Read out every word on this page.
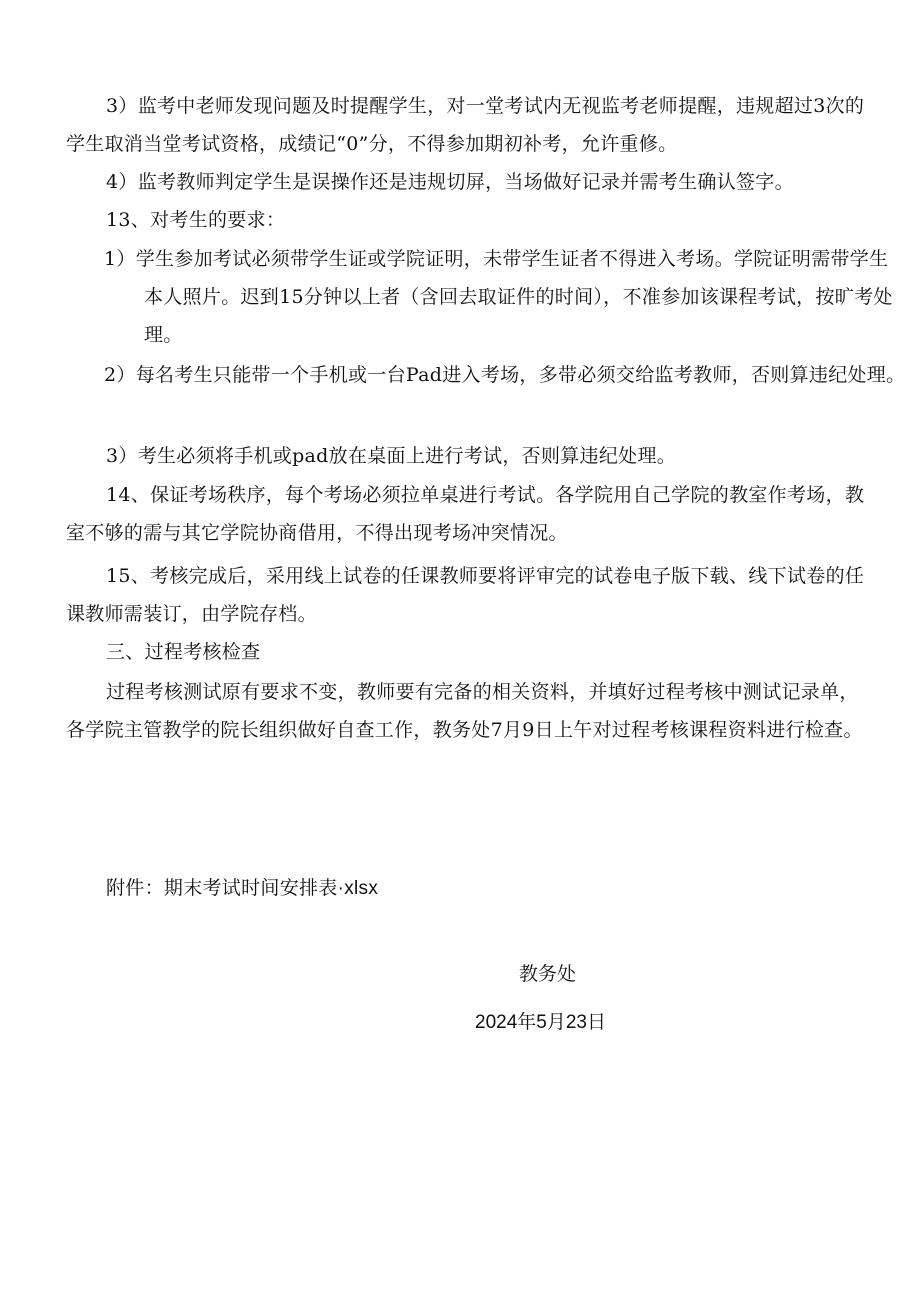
3）监考中老师发现问题及时提醒学生，对一堂考试内无视监考老师提醒，违规超过3次的学生取消当堂考试资格，成绩记“0”分，不得参加期初补考，允许重修。

4）监考教师判定学生是误操作还是违规切屏，当场做好记录并需考生确认签字。

13、对考生的要求：

1）学生参加考试必须带学生证或学院证明，未带学生证者不得进入考场。学院证明需带学生本人照片。迟到15分钟以上者（含回去取证件的时间），不准参加该课程考试，按旷考处理。

2）每名考生只能带一个手机或一台Pad进入考场，多带必须交给监考教师，否则算违纪处理。

3）考生必须将手机或pad放在桌面上进行考试，否则算违纪处理。

14、保证考场秩序，每个考场必须拉单桌进行考试。各学院用自己学院的教室作考场，教室不够的需与其它学院协商借用，不得出现考场冲突情况。

15、考核完成后，采用线上试卷的任课教师要将评审完的试卷电子版下载、线下试卷的任课教师需装订，由学院存档。

三、过程考核检查

过程考核测试原有要求不变，教师要有完备的相关资料，并填好过程考核中测试记录单，各学院主管教学的院长组织做好自查工作，教务处7月9日上午对过程考核课程资料进行检查。

附件：期末考试时间安排表·xlsx

教务处

2024年5月23日
